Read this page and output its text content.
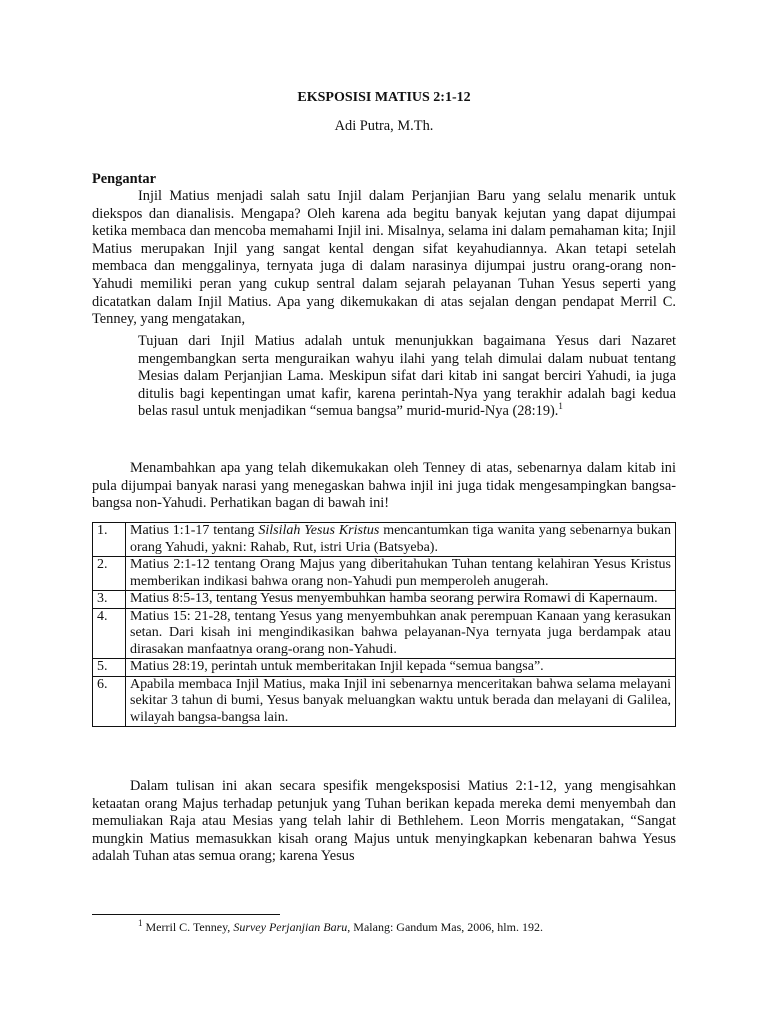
EKSPOSISI MATIUS 2:1-12
Adi Putra, M.Th.
Pengantar
Injil Matius menjadi salah satu Injil dalam Perjanjian Baru yang selalu menarik untuk diekspos dan dianalisis. Mengapa? Oleh karena ada begitu banyak kejutan yang dapat dijumpai ketika membaca dan mencoba memahami Injil ini. Misalnya, selama ini dalam pemahaman kita; Injil Matius merupakan Injil yang sangat kental dengan sifat keyahudiannya. Akan tetapi setelah membaca dan menggalinya, ternyata juga di dalam narasinya dijumpai justru orang-orang non-Yahudi memiliki peran yang cukup sentral dalam sejarah pelayanan Tuhan Yesus seperti yang dicatatkan dalam Injil Matius. Apa yang dikemukakan di atas sejalan dengan pendapat Merril C. Tenney, yang mengatakan,
Tujuan dari Injil Matius adalah untuk menunjukkan bagaimana Yesus dari Nazaret mengembangkan serta menguraikan wahyu ilahi yang telah dimulai dalam nubuat tentang Mesias dalam Perjanjian Lama. Meskipun sifat dari kitab ini sangat berciri Yahudi, ia juga ditulis bagi kepentingan umat kafir, karena perintah-Nya yang terakhir adalah bagi kedua belas rasul untuk menjadikan “semua bangsa” murid-murid-Nya (28:19).$^1$
Menambahkan apa yang telah dikemukakan oleh Tenney di atas, sebenarnya dalam kitab ini pula dijumpai banyak narasi yang menegaskan bahwa injil ini juga tidak mengesampingkan bangsa-bangsa non-Yahudi. Perhatikan bagan di bawah ini!
1.	Matius 1:1-17 tentang Silsilah Yesus Kristus mencantumkan tiga wanita yang sebenarnya bukan orang Yahudi, yakni: Rahab, Rut, istri Uria (Batsyeba).
2.	Matius 2:1-12 tentang Orang Majus yang diberitahukan Tuhan tentang kelahiran Yesus Kristus memberikan indikasi bahwa orang non-Yahudi pun memperoleh anugerah.
3.	Matius 8:5-13, tentang Yesus menyembuhkan hamba seorang perwira Romawi di Kapernaum.
4.	Matius 15: 21-28, tentang Yesus yang menyembuhkan anak perempuan Kanaan yang kerasukan setan. Dari kisah ini mengindikasikan bahwa pelayanan-Nya ternyata juga berdampak atau dirasakan manfaatnya orang-orang non-Yahudi.
5.	Matius 28:19, perintah untuk memberitakan Injil kepada “semua bangsa”.
6.	Apabila membaca Injil Matius, maka Injil ini sebenarnya menceritakan bahwa selama melayani sekitar 3 tahun di bumi, Yesus banyak meluangkan waktu untuk berada dan melayani di Galilea, wilayah bangsa-bangsa lain.
Dalam tulisan ini akan secara spesifik mengeksposisi Matius 2:1-12, yang mengisahkan ketaatan orang Majus terhadap petunjuk yang Tuhan berikan kepada mereka demi menyembah dan memuliakan Raja atau Mesias yang telah lahir di Bethlehem. Leon Morris mengatakan, “Sangat mungkin Matius memasukkan kisah orang Majus untuk menyingkapkan kebenaran bahwa Yesus adalah Tuhan atas semua orang; karena Yesus
$^1$ Merril C. Tenney, Survey Perjanjian Baru, Malang: Gandum Mas, 2006, hlm. 192.
